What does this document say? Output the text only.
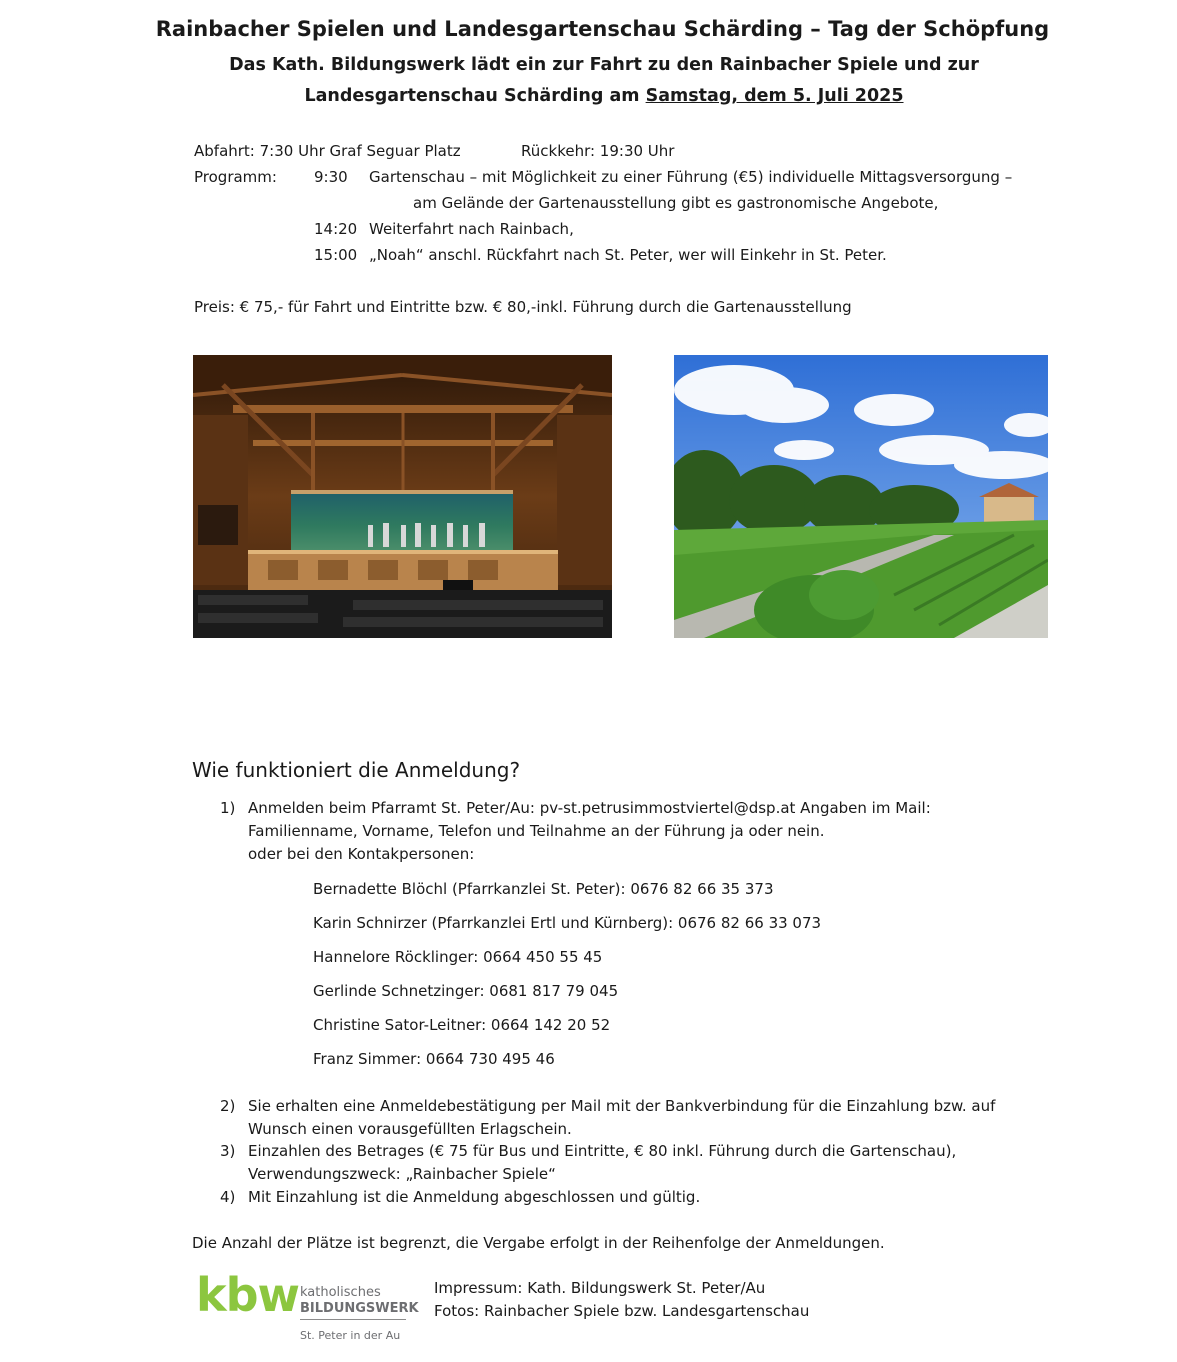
Rainbacher Spielen und Landesgartenschau Schärding – Tag der Schöpfung
Das Kath. Bildungswerk lädt ein zur Fahrt zu den Rainbacher Spiele und zur
Landesgartenschau Schärding am Samstag, dem 5. Juli 2025
Abfahrt: 7:30 Uhr Graf Seguar Platz	Rückkehr: 19:30 Uhr
Programm: 9:30 Gartenschau – mit Möglichkeit zu einer Führung (€5) individuelle Mittagsversorgung –
am Gelände der Gartenausstellung gibt es gastronomische Angebote,
14:20 Weiterfahrt nach Rainbach,
15:00 „Noah“ anschl. Rückfahrt nach St. Peter, wer will Einkehr in St. Peter.
Preis: € 75,- für Fahrt und Eintritte bzw. € 80,-inkl. Führung durch die Gartenausstellung
Wie funktioniert die Anmeldung?
1) Anmelden beim Pfarramt St. Peter/Au: pv-st.petrusimmostviertel@dsp.at Angaben im Mail:
Familienname, Vorname, Telefon und Teilnahme an der Führung ja oder nein.
oder bei den Kontakpersonen:
Bernadette Blöchl (Pfarrkanzlei St. Peter): 0676 82 66 35 373
Karin Schnirzer (Pfarrkanzlei Ertl und Kürnberg): 0676 82 66 33 073
Hannelore Röcklinger: 0664 450 55 45
Gerlinde Schnetzinger: 0681 817 79 045
Christine Sator-Leitner: 0664 142 20 52
Franz Simmer: 0664 730 495 46
2) Sie erhalten eine Anmeldebestätigung per Mail mit der Bankverbindung für die Einzahlung bzw. auf
Wunsch einen vorausgefüllten Erlagschein.
3) Einzahlen des Betrages (€ 75 für Bus und Eintritte, € 80 inkl. Führung durch die Gartenschau),
Verwendungszweck: „Rainbacher Spiele“
4) Mit Einzahlung ist die Anmeldung abgeschlossen und gültig.
Die Anzahl der Plätze ist begrenzt, die Vergabe erfolgt in der Reihenfolge der Anmeldungen.
kbw katholisches
BILDUNGSWERK
St. Peter in der Au
Impressum: Kath. Bildungswerk St. Peter/Au
Fotos: Rainbacher Spiele bzw. Landesgartenschau
